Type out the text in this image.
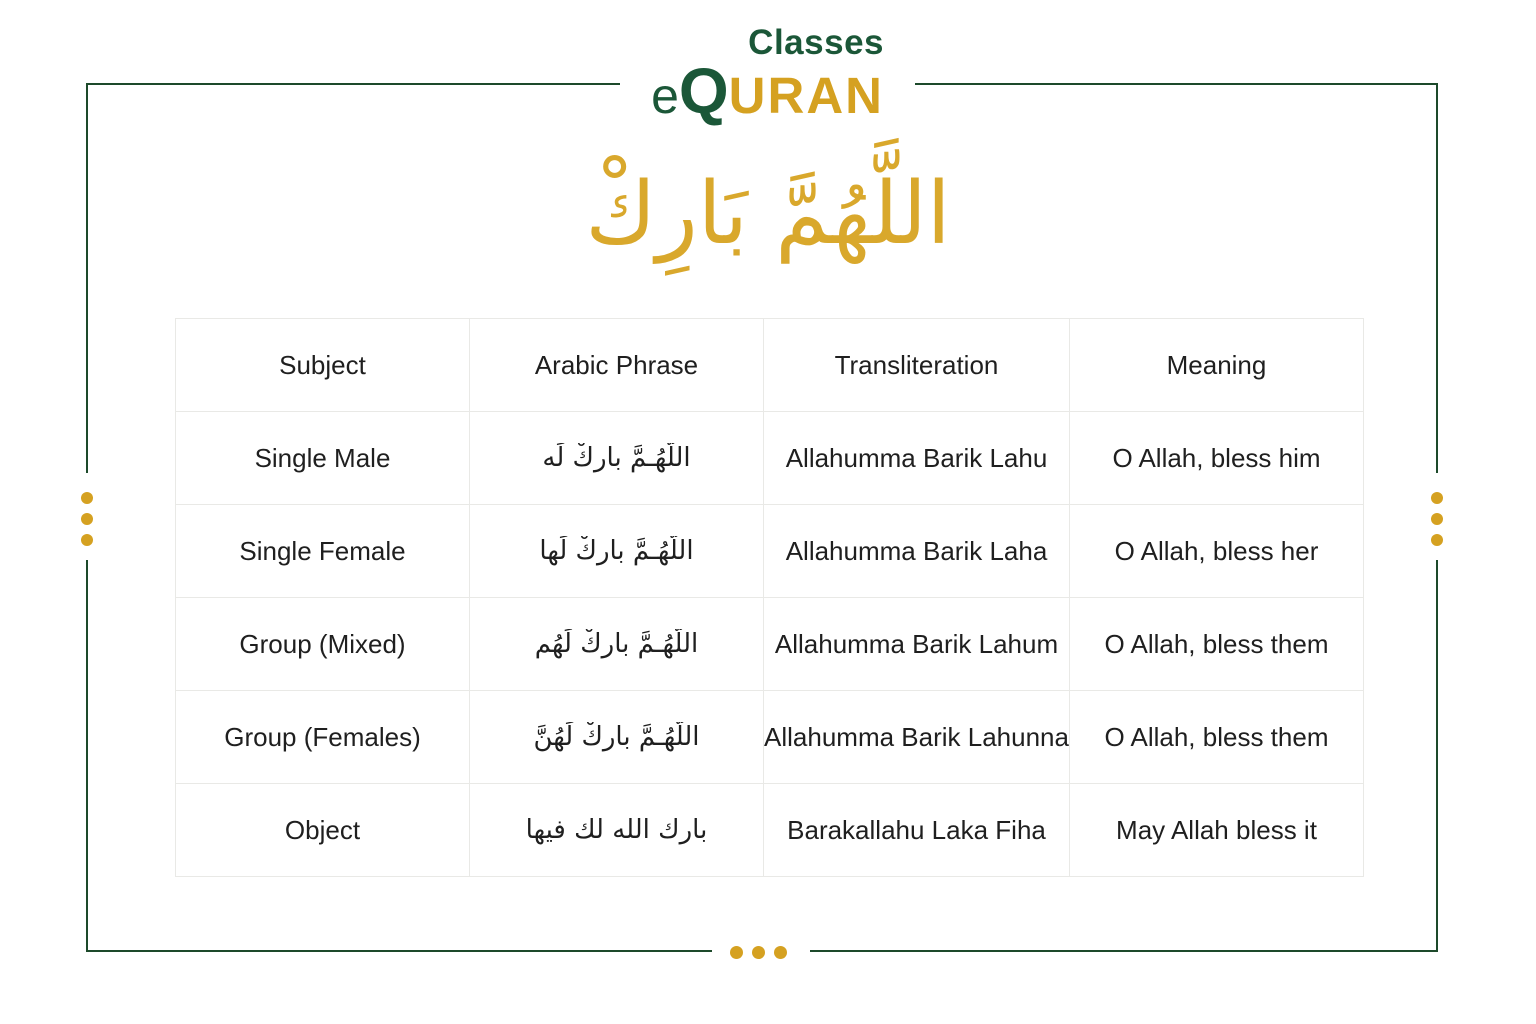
Classes
e Q URAN
اللَّهُمَّ بَارِكْ
Subject	Arabic Phrase	Transliteration	Meaning
Single Male	اللّهُـمَّ بارِكْ لَه	Allahumma Barik Lahu	O Allah, bless him
Single Female	اللّهُـمَّ بارِكْ لَها	Allahumma Barik Laha	O Allah, bless her
Group (Mixed)	اللّهُـمَّ بارِكْ لَهُم	Allahumma Barik Lahum	O Allah, bless them
Group (Females)	اللّهُـمَّ بارِكْ لَهُنَّ	Allahumma Barik Lahunna	O Allah, bless them
Object	بارك الله لك فيها	Barakallahu Laka Fiha	May Allah bless it
